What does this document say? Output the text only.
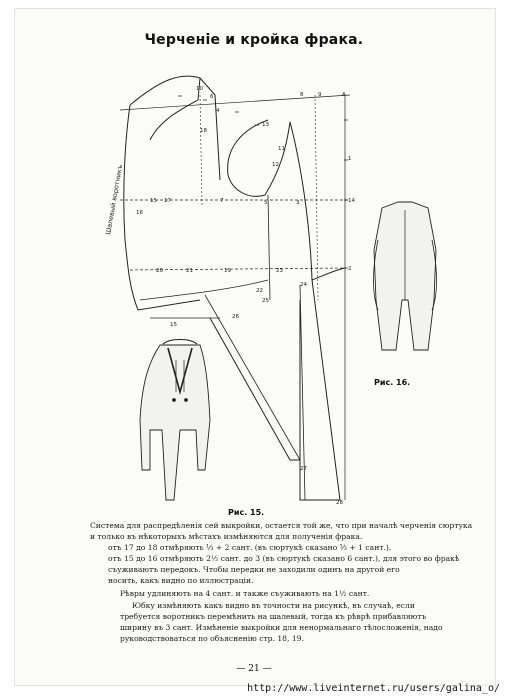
Черченіе и кройка фрака.
10
6
4
13
8	9	A
18
15 17
16
7	5	3	14
11
12
1
2
20	21	19
22
25
24
23
26
27
28
15
Шалевый воротникъ
Рис. 15.
Рис. 16.
Система для распредѣленія сей выкройки, остается той же, что при началѣ черченія сюртука
и только въ нѣкоторыхъ мѣстахъ измѣняются для полученія фрака.
отъ 17 до 18 отмѣряють ¹⁄₃ + 2 сант. (въ сюртукѣ сказано ¹⁄₃ + 1 сант.).
отъ 15 до 16 отмѣряють 2½ сант. до 3 (въ сюртукѣ сказано 6 сант.), для этого во фракѣ
съуживаютъ передокъ. Чтобы передки не заходили одинъ на другой его
носить, какъ видно по иллюстраціи.
Рѣвры удлиняють на 4 сант. и также съуживають на 1½ сант.
Юбку измѣняють какъ видно въ точности на рисункѣ, въ случаѣ, если
требуется воротникъ перемѣнить на шалевый, тогда къ рѣврѣ прибавляютъ
ширину въ 3 сант. Измѣненіе выкройки для ненормальнаго тѣлосложенія, надо
руководствоваться по объясненію стр. 18, 19.
— 21 —
http://www.liveinternet.ru/users/galina_o/
